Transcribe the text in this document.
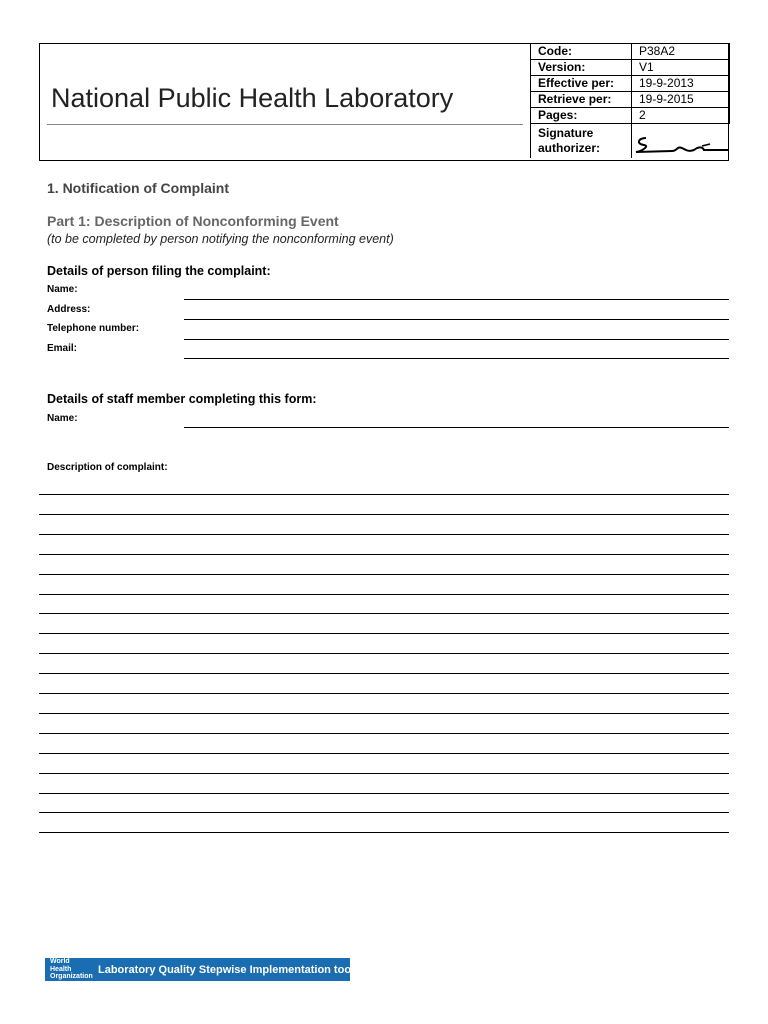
National Public Health Laboratory
Code:	P38A2
Version:	V1
Effective per:	19-9-2013
Retrieve per:	19-9-2015
Pages:	2
Signature authorizer:	
1. Notification of Complaint
Part 1: Description of Nonconforming Event
(to be completed by person notifying the nonconforming event)
Details of person filing the complaint:
Name:
Address:
Telephone number:
Email:
Details of staff member completing this form:
Name:
Description of complaint:
World Health
Organization
Laboratory Quality Stepwise Implementation tool
